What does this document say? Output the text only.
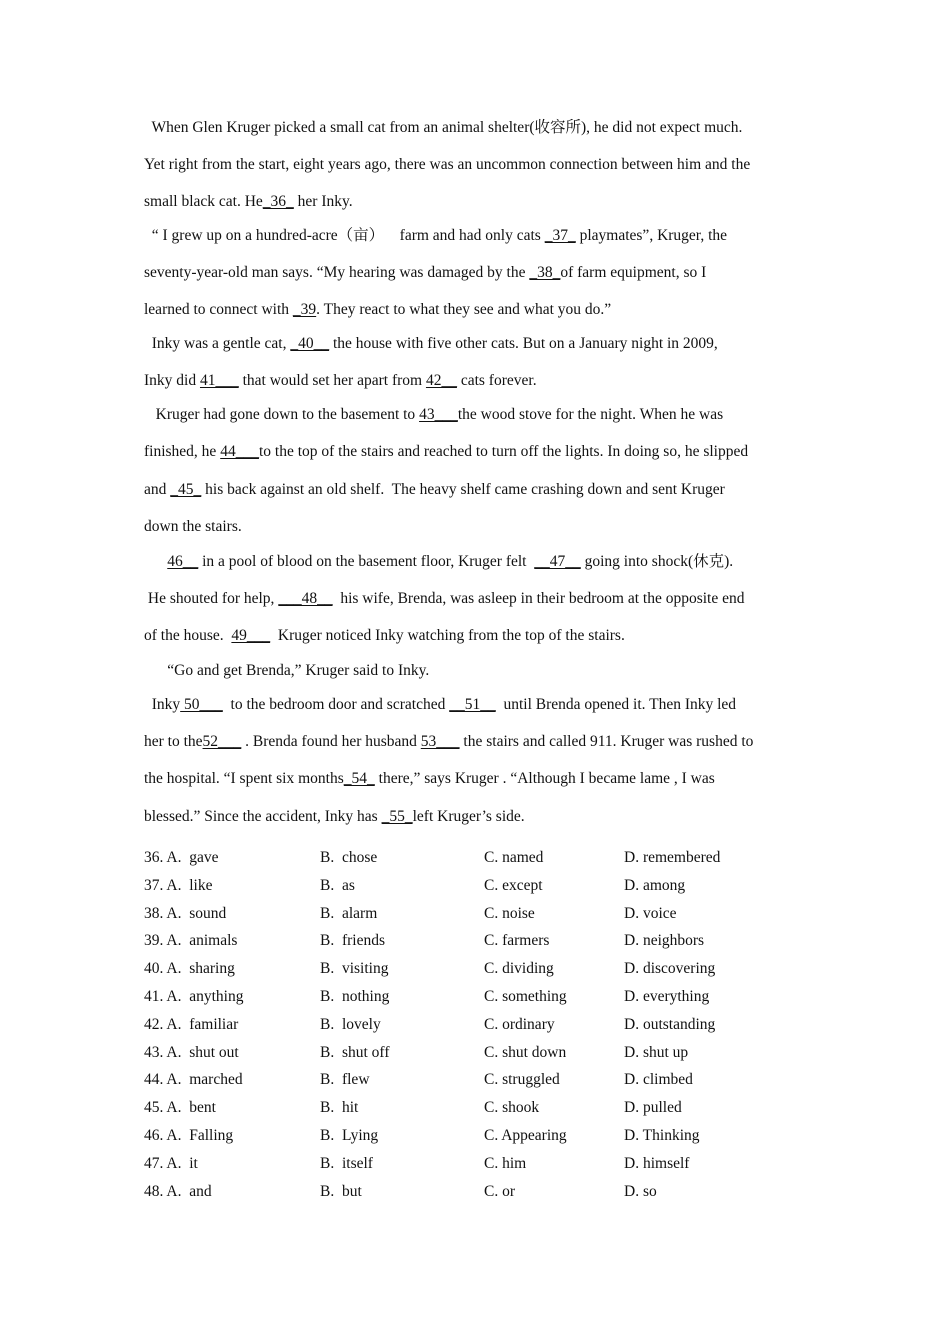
When Glen Kruger picked a small cat from an animal shelter(收容所), he did not expect much.
Yet right from the start, eight years ago, there was an uncommon connection between him and the
small black cat. He_36_ her Inky.
“ I grew up on a hundred-acre（亩）    farm and had only cats _37_ playmates”, Kruger, the
seventy-year-old man says. “My hearing was damaged by the _38_of farm equipment, so I
learned to connect with _39. They react to what they see and what you do.”
Inky was a gentle cat, _40__ the house with five other cats. But on a January night in 2009,
Inky did 41___ that would set her apart from 42__ cats forever.
Kruger had gone down to the basement to 43___the wood stove for the night. When he was
finished, he 44___to the top of the stairs and reached to turn off the lights. In doing so, he slipped
and _45_ his back against an old shelf.  The heavy shelf came crashing down and sent Kruger
down the stairs.
46__ in a pool of blood on the basement floor, Kruger felt  __47__ going into shock(休克).
He shouted for help, ___48__  his wife, Brenda, was asleep in their bedroom at the opposite end
of the house.  49___  Kruger noticed Inky watching from the top of the stairs.
“Go and get Brenda,” Kruger said to Inky.
Inky 50___  to the bedroom door and scratched __51__  until Brenda opened it. Then Inky led
her to the52___ . Brenda found her husband 53___ the stairs and called 911. Kruger was rushed to
the hospital. “I spent six months_54_ there,” says Kruger . “Although I became lame , I was
blessed.” Since the accident, Inky has _55_left Kruger’s side.
36. A. gave	B.  chose	C. named	D. remembered
37. A. like	B.  as	C. except	D. among
38. A. sound	B.  alarm	C. noise	D. voice
39. A. animals	B.  friends	C. farmers	D. neighbors
40. A. sharing	B.  visiting	C. dividing	D. discovering
41. A. anything	B.  nothing	C. something	D. everything
42. A. familiar	B.  lovely	C. ordinary	D. outstanding
43. A. shut out	B.  shut off	C. shut down	D. shut up
44. A. marched	B.  flew	C. struggled	D. climbed
45. A. bent	B.  hit	C. shook	D. pulled
46. A. Falling	B.  Lying	C. Appearing	D. Thinking
47. A. it	B.  itself	C. him	D. himself
48. A. and	B.  but	C. or	D. so
